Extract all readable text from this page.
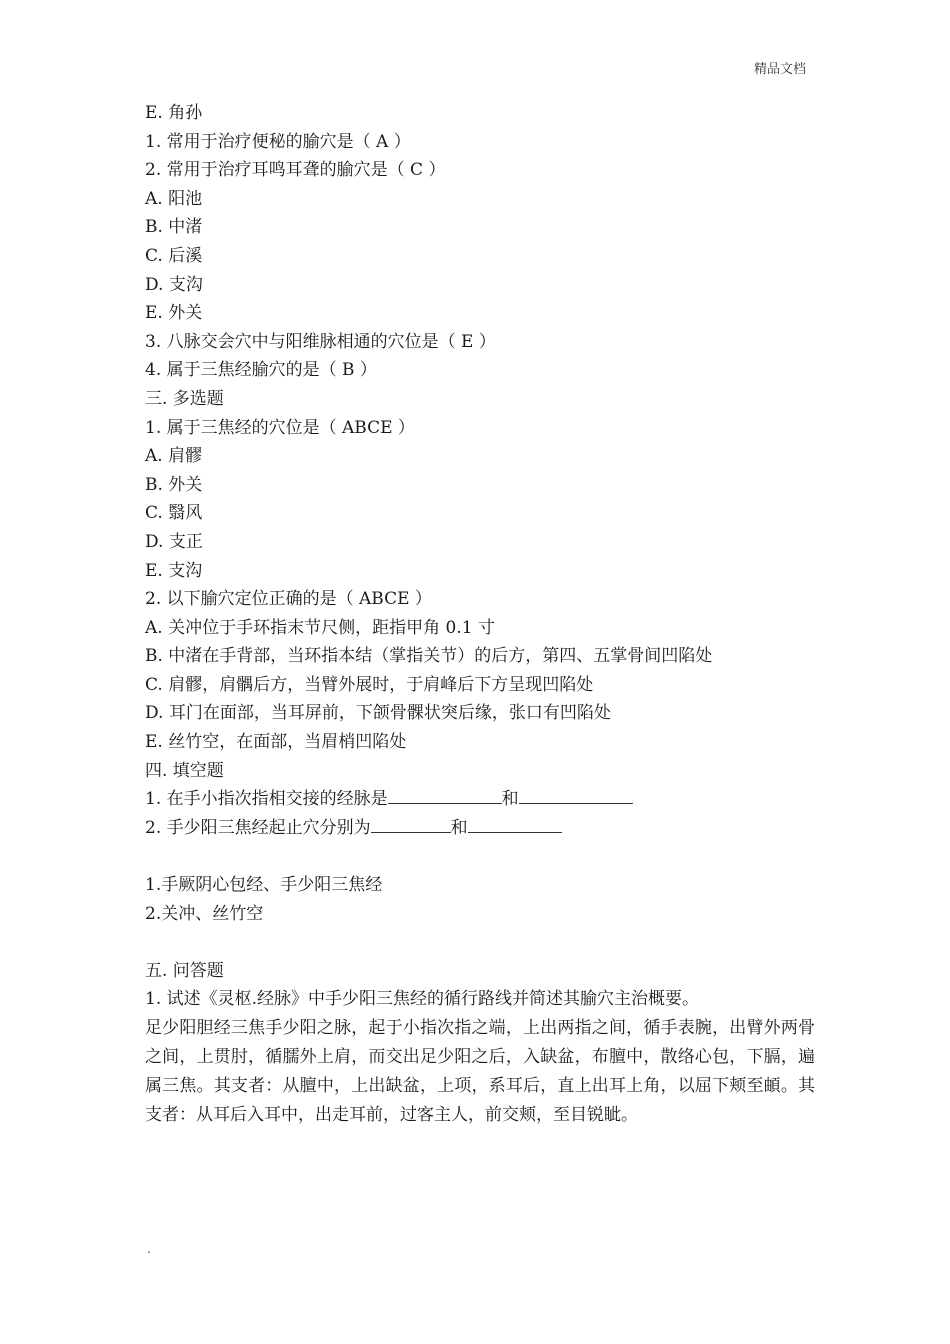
精品文档
E. 角孙
1. 常用于治疗便秘的腧穴是（ A ）
2. 常用于治疗耳鸣耳聋的腧穴是（ C ）
A. 阳池
B. 中渚
C. 后溪
D. 支沟
E. 外关
3. 八脉交会穴中与阳维脉相通的穴位是（ E ）
4. 属于三焦经腧穴的是（ B ）
三. 多选题
1. 属于三焦经的穴位是（ ABCE ）
A. 肩髎
B. 外关
C. 翳风
D. 支正
E. 支沟
2. 以下腧穴定位正确的是（ ABCE ）
A. 关冲位于手环指末节尺侧，距指甲角 0.1 寸
B. 中渚在手背部，当环指本结（掌指关节）的后方，第四、五掌骨间凹陷处
C. 肩髎，肩髃后方，当臂外展时，于肩峰后下方呈现凹陷处
D. 耳门在面部，当耳屏前，下颌骨髁状突后缘，张口有凹陷处
E. 丝竹空，在面部，当眉梢凹陷处
四. 填空题
1. 在手小指次指相交接的经脉是	和
2. 手少阳三焦经起止穴分别为	和
1.手厥阴心包经、手少阳三焦经
2.关冲、丝竹空
五. 问答题
1. 试述《灵枢.经脉》中手少阳三焦经的循行路线并简述其腧穴主治概要。
足少阳胆经三焦手少阳之脉，起于小指次指之端，上出两指之间，循手表腕，出臂外两骨之间，上贯肘，循臑外上肩，而交出足少阳之后，入缺盆，布膻中，散络心包，下膈，遍属三焦。其支者：从膻中，上出缺盆，上项，系耳后，直上出耳上角，以屈下颊至頔。其支者：从耳后入耳中，出走耳前，过客主人，前交颊，至目锐眦。
.
